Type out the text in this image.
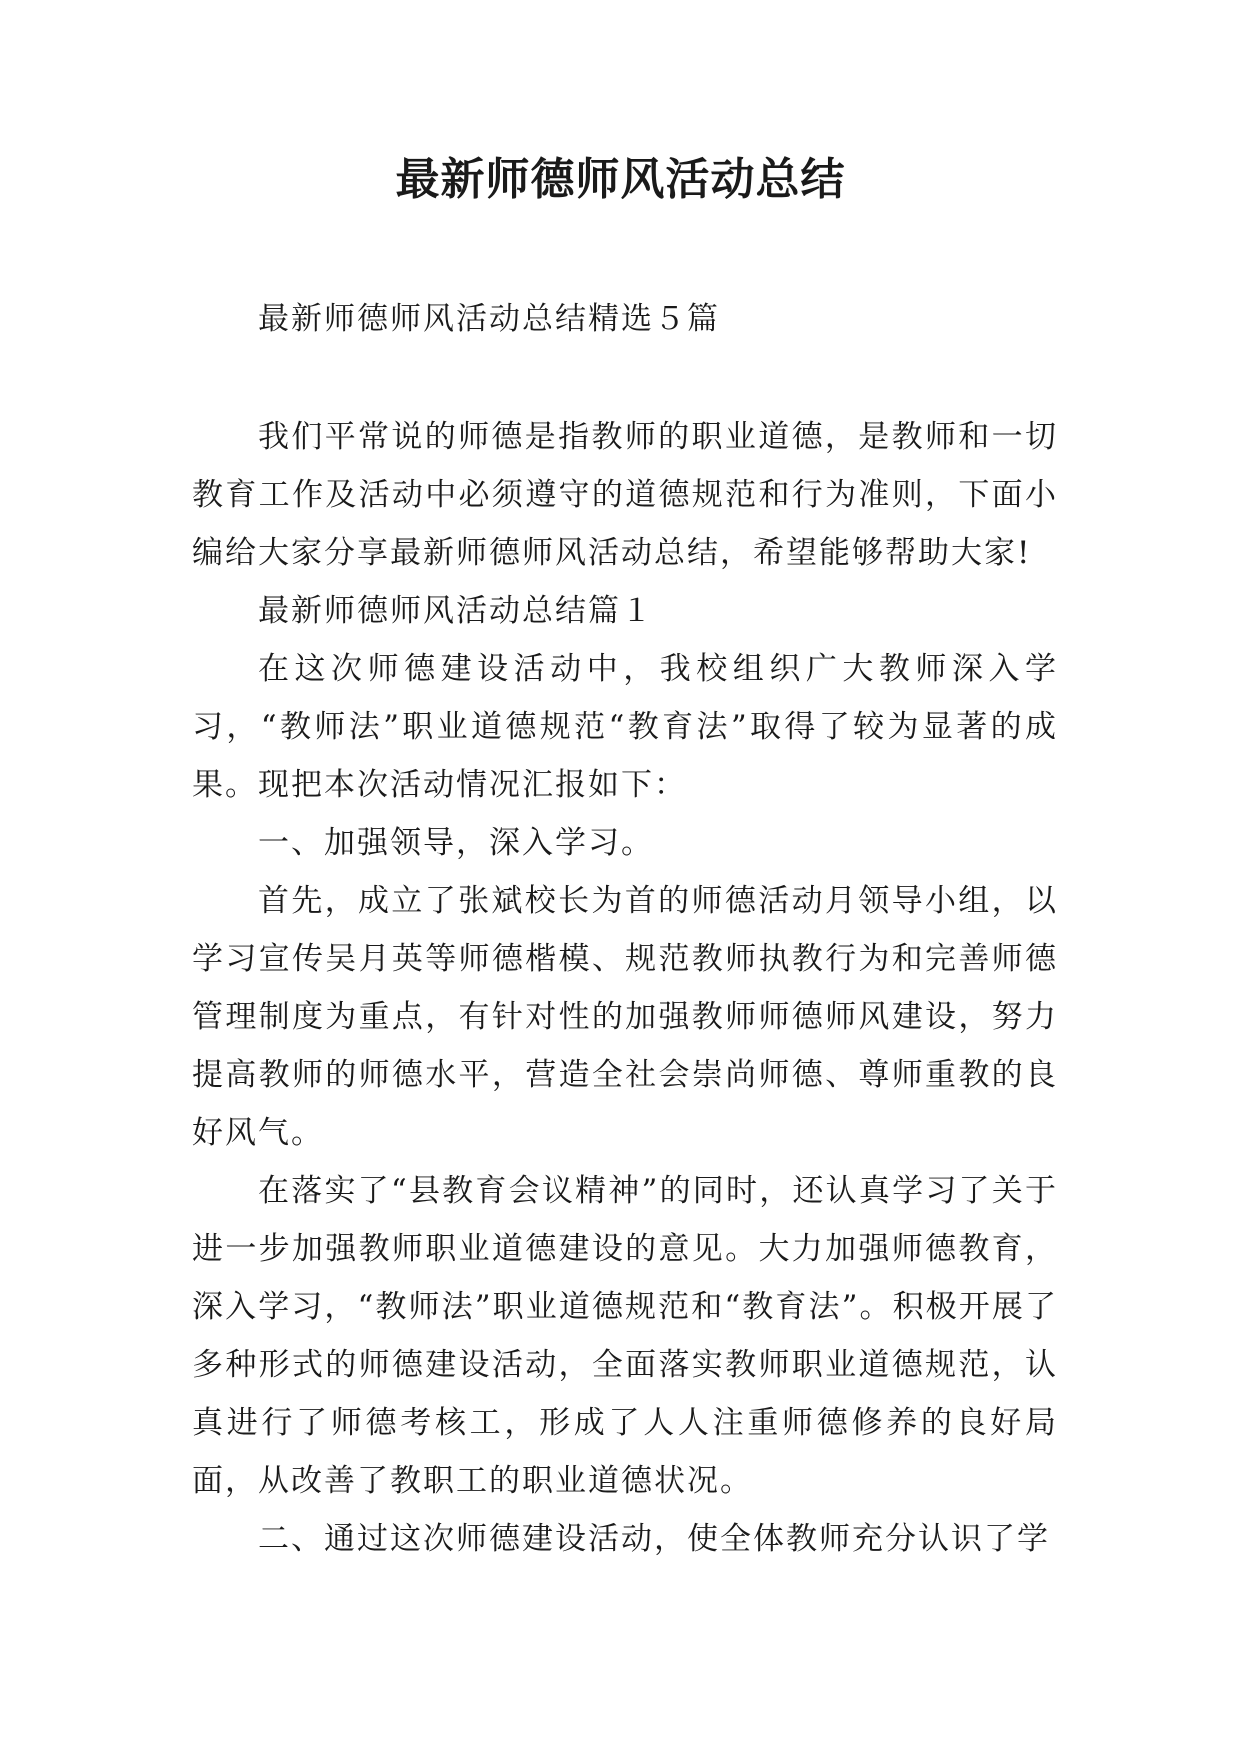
最新师德师风活动总结

最新师德师风活动总结精选５篇

我们平常说的师德是指教师的职业道德，是教师和一切教育工作及活动中必须遵守的道德规范和行为准则，下面小编给大家分享最新师德师风活动总结，希望能够帮助大家!

最新师德师风活动总结篇１

在这次师德建设活动中，我校组织广大教师深入学习，“教师法”职业道德规范“教育法”取得了较为显著的成果。现把本次活动情况汇报如下：

一、加强领导，深入学习。

首先，成立了张斌校长为首的师德活动月领导小组，以学习宣传吴月英等师德楷模、规范教师执教行为和完善师德管理制度为重点，有针对性的加强教师师德师风建设，努力提高教师的师德水平，营造全社会崇尚师德、尊师重教的良好风气。

在落实了“县教育会议精神”的同时，还认真学习了关于进一步加强教师职业道德建设的意见。大力加强师德教育，深入学习，“教师法”职业道德规范和“教育法”。积极开展了多种形式的师德建设活动，全面落实教师职业道德规范，认真进行了师德考核工，形成了人人注重师德修养的良好局面，从改善了教职工的职业道德状况。

二、通过这次师德建设活动，使全体教师充分认识了学
